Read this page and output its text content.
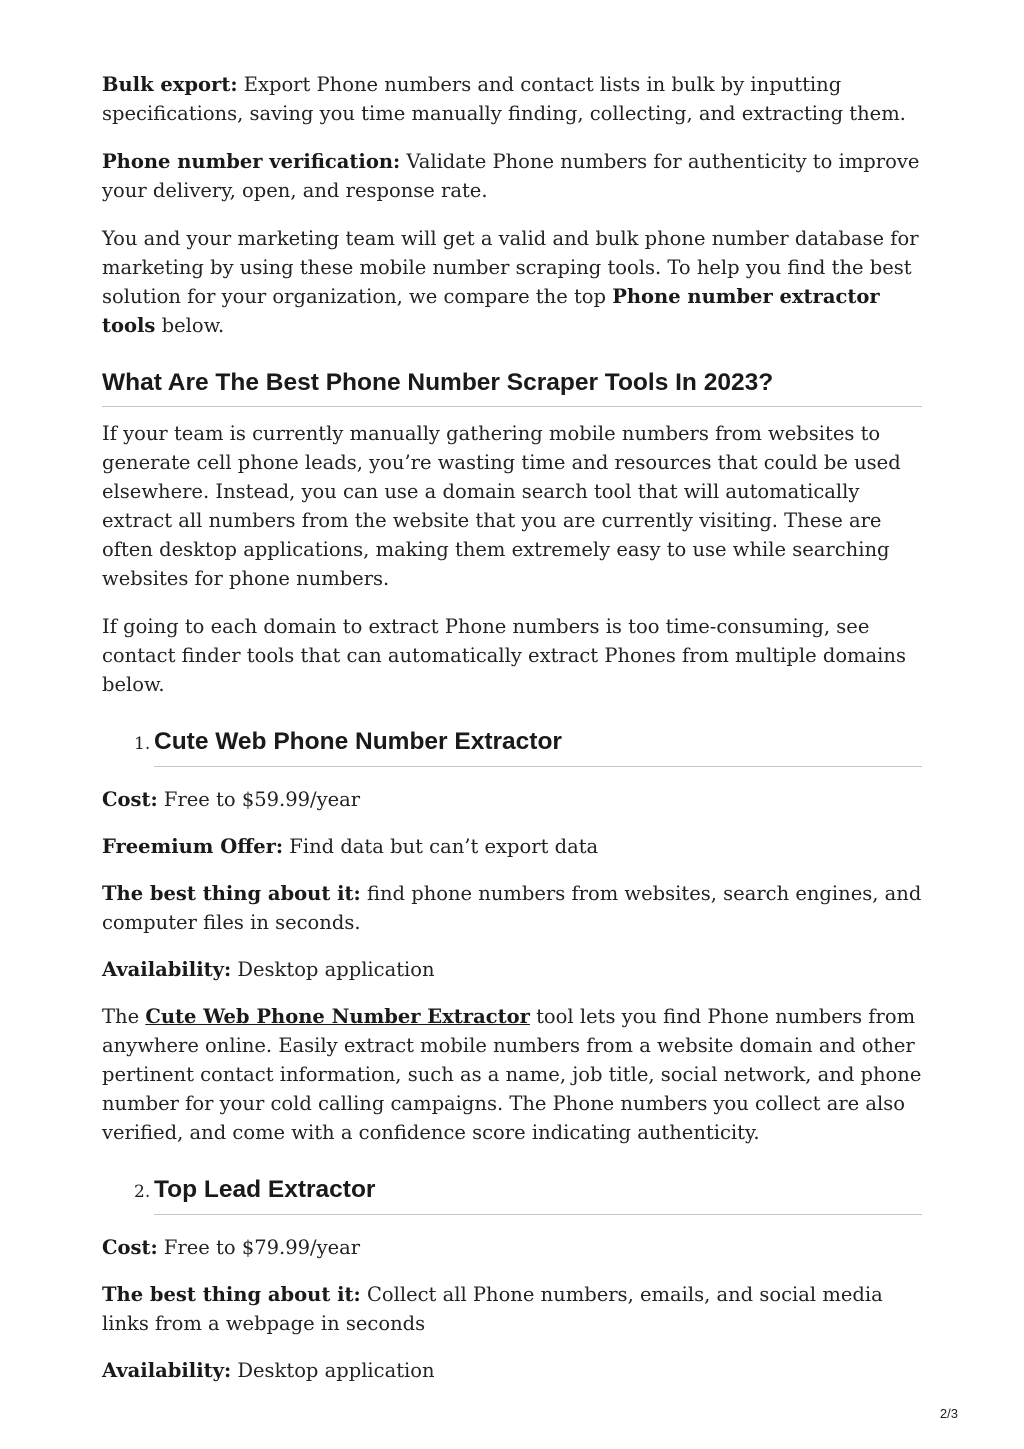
Bulk export: Export Phone numbers and contact lists in bulk by inputting specifications, saving you time manually finding, collecting, and extracting them.

Phone number verification: Validate Phone numbers for authenticity to improve your delivery, open, and response rate.

You and your marketing team will get a valid and bulk phone number database for marketing by using these mobile number scraping tools. To help you find the best solution for your organization, we compare the top Phone number extractor tools below.

What Are The Best Phone Number Scraper Tools In 2023?

If your team is currently manually gathering mobile numbers from websites to generate cell phone leads, you’re wasting time and resources that could be used elsewhere. Instead, you can use a domain search tool that will automatically extract all numbers from the website that you are currently visiting. These are often desktop applications, making them extremely easy to use while searching websites for phone numbers.

If going to each domain to extract Phone numbers is too time-consuming, see contact finder tools that can automatically extract Phones from multiple domains below.

1. Cute Web Phone Number Extractor

Cost: Free to $59.99/year

Freemium Offer: Find data but can’t export data

The best thing about it: find phone numbers from websites, search engines, and computer files in seconds.

Availability: Desktop application

The Cute Web Phone Number Extractor tool lets you find Phone numbers from anywhere online. Easily extract mobile numbers from a website domain and other pertinent contact information, such as a name, job title, social network, and phone number for your cold calling campaigns. The Phone numbers you collect are also verified, and come with a confidence score indicating authenticity.

2. Top Lead Extractor

Cost: Free to $79.99/year

The best thing about it: Collect all Phone numbers, emails, and social media links from a webpage in seconds

Availability: Desktop application

2/3
